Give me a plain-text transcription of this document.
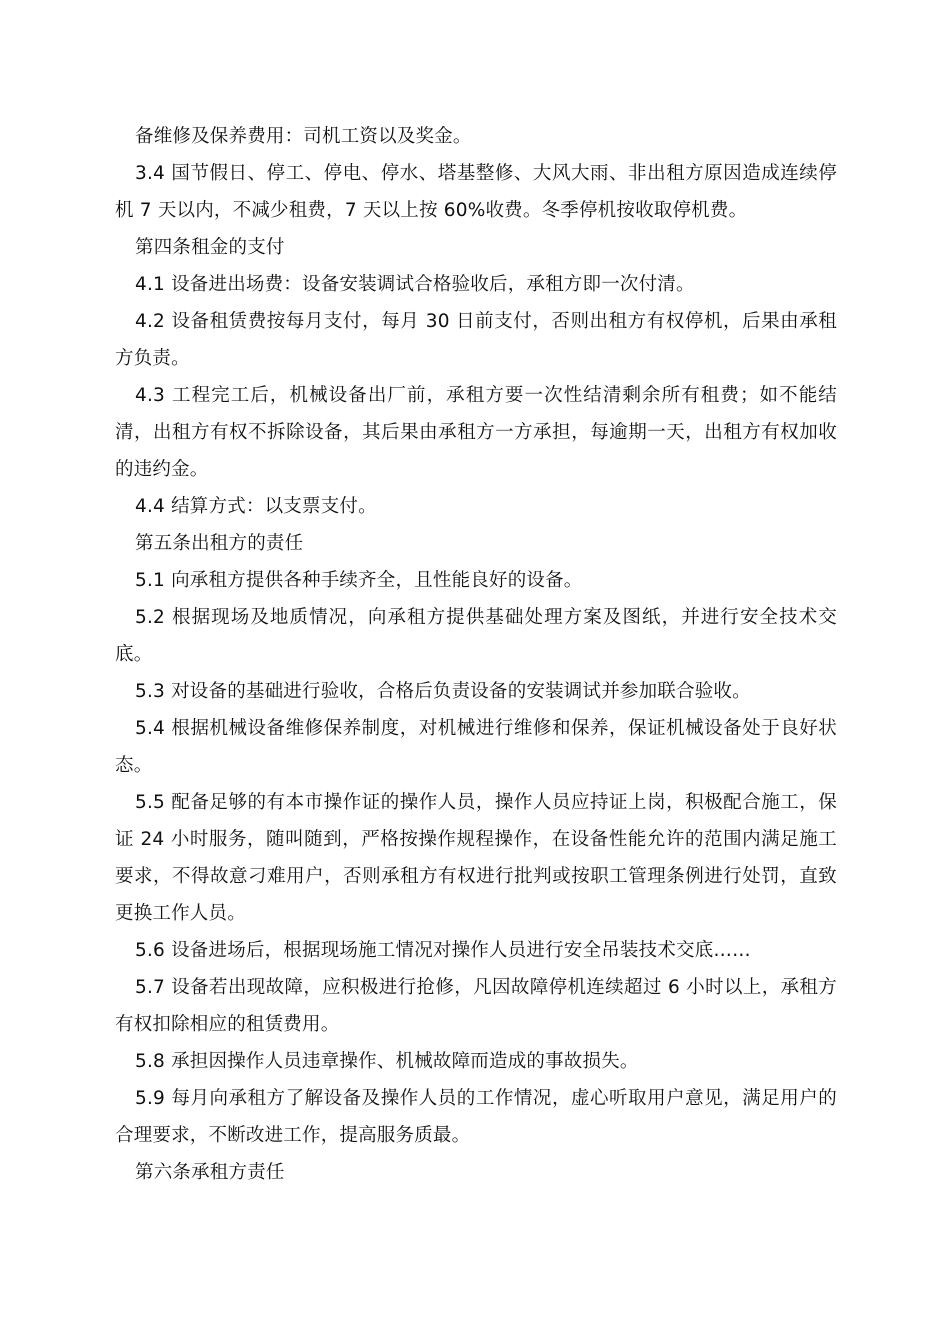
备维修及保养费用：司机工资以及奖金。

3.4 国节假日、停工、停电、停水、塔基整修、大风大雨、非出租方原因造成连续停机 7 天以内，不减少租费，7 天以上按 60%收费。冬季停机按收取停机费。

第四条租金的支付

4.1 设备进出场费：设备安装调试合格验收后，承租方即一次付清。

4.2 设备租赁费按每月支付，每月 30 日前支付，否则出租方有权停机，后果由承租方负责。

4.3 工程完工后，机械设备出厂前，承租方要一次性结清剩余所有租费；如不能结清，出租方有权不拆除设备，其后果由承租方一方承担，每逾期一天，出租方有权加收的违约金。

4.4 结算方式：以支票支付。

第五条出租方的责任

5.1 向承租方提供各种手续齐全，且性能良好的设备。

5.2 根据现场及地质情况，向承租方提供基础处理方案及图纸，并进行安全技术交底。

5.3 对设备的基础进行验收，合格后负责设备的安装调试并参加联合验收。

5.4 根据机械设备维修保养制度，对机械进行维修和保养，保证机械设备处于良好状态。

5.5 配备足够的有本市操作证的操作人员，操作人员应持证上岗，积极配合施工，保证 24 小时服务，随叫随到，严格按操作规程操作，在设备性能允许的范围内满足施工要求，不得故意刁难用户，否则承租方有权进行批判或按职工管理条例进行处罚，直致更换工作人员。

5.6 设备进场后，根据现场施工情况对操作人员进行安全吊装技术交底……

5.7 设备若出现故障，应积极进行抢修，凡因故障停机连续超过 6 小时以上，承租方有权扣除相应的租赁费用。

5.8 承担因操作人员违章操作、机械故障而造成的事故损失。

5.9 每月向承租方了解设备及操作人员的工作情况，虚心听取用户意见，满足用户的合理要求，不断改进工作，提高服务质最。

第六条承租方责任
